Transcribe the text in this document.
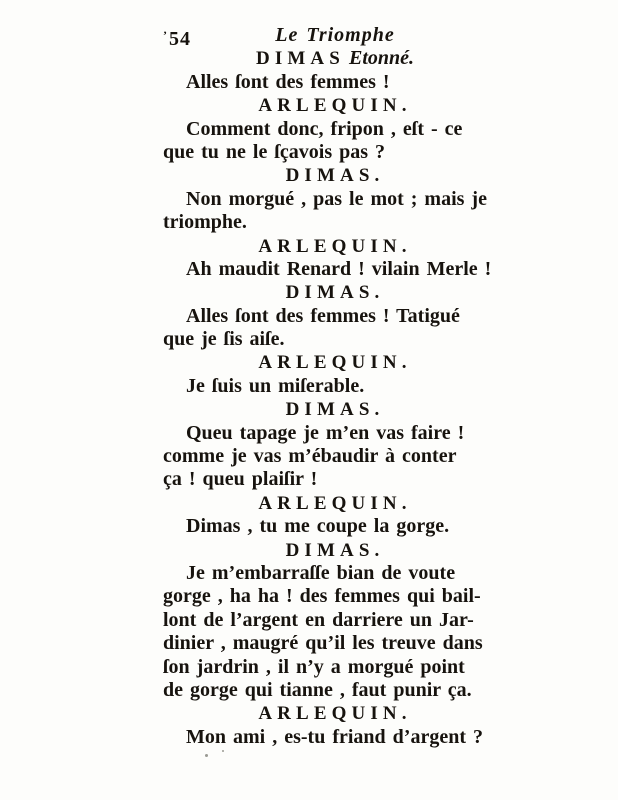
’54	Le Triomphe
DIMAS Etonné.
Alles ſont des femmes !
ARLEQUIN.
Comment donc, fripon , eſt - ce
que tu ne le ſçavois pas ?
DIMAS.
Non morgué , pas le mot ; mais je
triomphe.
ARLEQUIN.
Ah maudit Renard ! vilain Merle !
DIMAS.
Alles ſont des femmes ! Tatigué
que je ſis aiſe.
ARLEQUIN.
Je ſuis un miſerable.
DIMAS.
Queu tapage je m’en vas faire !
comme je vas m’ébaudir à conter
ça ! queu plaiſir !
ARLEQUIN.
Dimas , tu me coupe la gorge.
DIMAS.
Je m’embarraſſe bian de voute
gorge , ha ha ! des femmes qui bail-
lont de l’argent en darriere un Jar-
dinier , maugré qu’il les treuve dans
ſon jardrin , il n’y a morgué point
de gorge qui tianne , faut punir ça.
ARLEQUIN.
Mon ami , es-tu friand d’argent ?
